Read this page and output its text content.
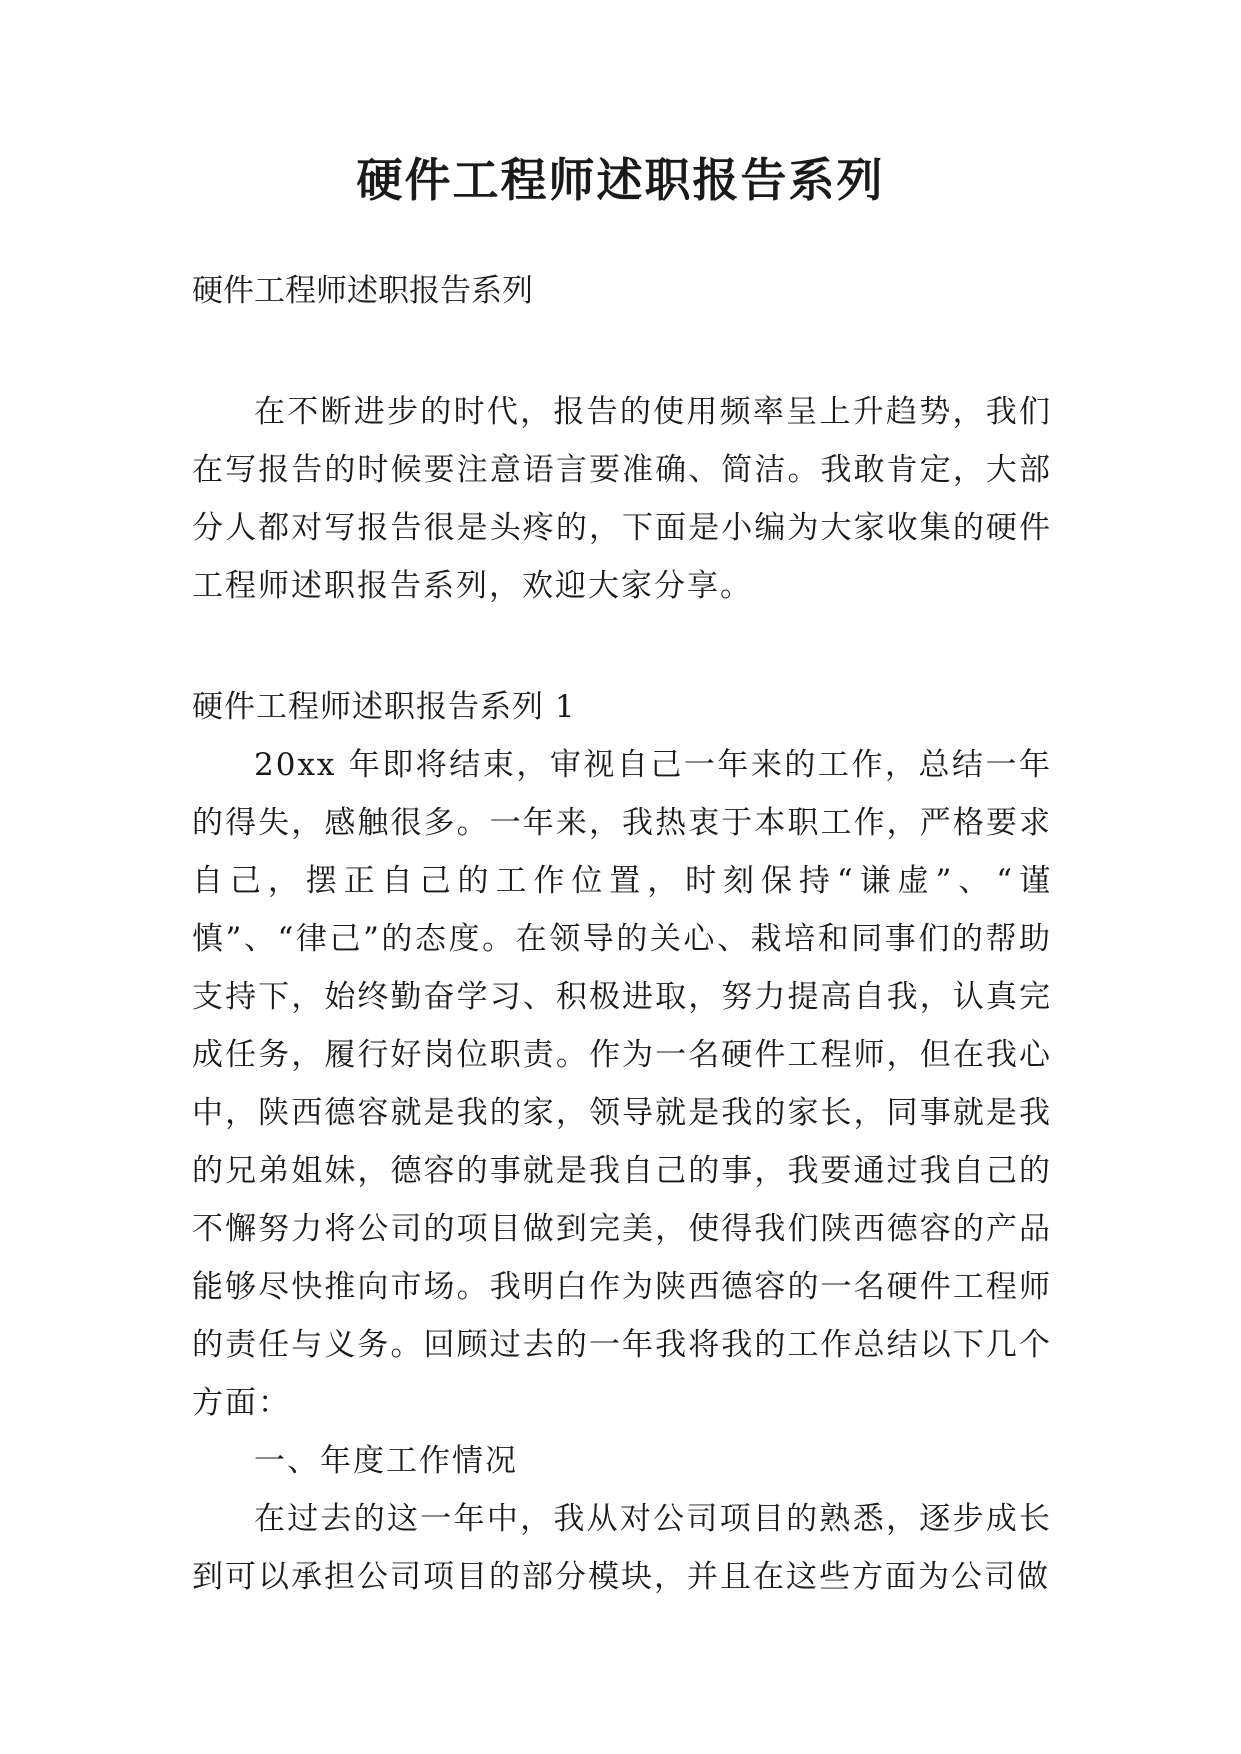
硬件工程师述职报告系列

硬件工程师述职报告系列

在不断进步的时代，报告的使用频率呈上升趋势，我们在写报告的时候要注意语言要准确、简洁。我敢肯定，大部分人都对写报告很是头疼的，下面是小编为大家收集的硬件工程师述职报告系列，欢迎大家分享。

硬件工程师述职报告系列 1

20xx 年即将结束，审视自己一年来的工作，总结一年的得失，感触很多。一年来，我热衷于本职工作，严格要求自己，摆正自己的工作位置，时刻保持“谦虚”、“谨慎”、“律己”的态度。在领导的关心、栽培和同事们的帮助支持下，始终勤奋学习、积极进取，努力提高自我，认真完成任务，履行好岗位职责。作为一名硬件工程师，但在我心中，陕西德容就是我的家，领导就是我的家长，同事就是我的兄弟姐妹，德容的事就是我自己的事，我要通过我自己的不懈努力将公司的项目做到完美，使得我们陕西德容的产品能够尽快推向市场。我明白作为陕西德容的一名硬件工程师的责任与义务。回顾过去的一年我将我的工作总结以下几个方面：

一、年度工作情况

在过去的这一年中，我从对公司项目的熟悉，逐步成长到可以承担公司项目的部分模块，并且在这些方面为公司做
